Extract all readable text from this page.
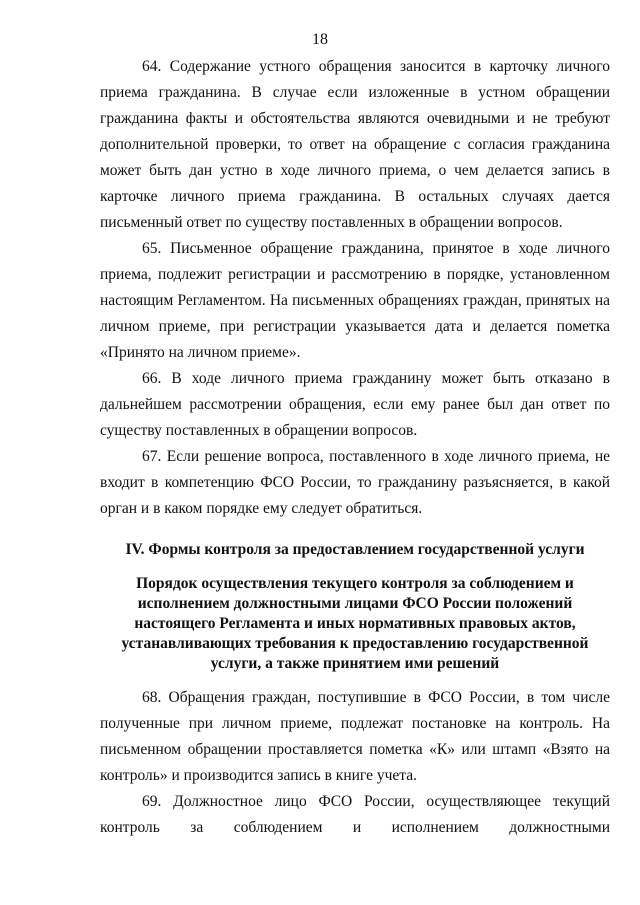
18

64. Содержание устного обращения заносится в карточку личного приема гражданина. В случае если изложенные в устном обращении гражданина факты и обстоятельства являются очевидными и не требуют дополнительной проверки, то ответ на обращение с согласия гражданина может быть дан устно в ходе личного приема, о чем делается запись в карточке личного приема гражданина. В остальных случаях дается письменный ответ по существу поставленных в обращении вопросов.

65. Письменное обращение гражданина, принятое в ходе личного приема, подлежит регистрации и рассмотрению в порядке, установленном настоящим Регламентом. На письменных обращениях граждан, принятых на личном приеме, при регистрации указывается дата и делается пометка «Принято на личном приеме».

66. В ходе личного приема гражданину может быть отказано в дальнейшем рассмотрении обращения, если ему ранее был дан ответ по существу поставленных в обращении вопросов.

67. Если решение вопроса, поставленного в ходе личного приема, не входит в компетенцию ФСО России, то гражданину разъясняется, в какой орган и в каком порядке ему следует обратиться.

IV. Формы контроля за предоставлением государственной услуги
Порядок осуществления текущего контроля за соблюдением и исполнением должностными лицами ФСО России положений настоящего Регламента и иных нормативных правовых актов, устанавливающих требования к предоставлению государственной услуги, а также принятием ими решений

68. Обращения граждан, поступившие в ФСО России, в том числе полученные при личном приеме, подлежат постановке на контроль. На письменном обращении проставляется пометка «К» или штамп «Взято на контроль» и производится запись в книге учета.

69. Должностное лицо ФСО России, осуществляющее текущий контроль за соблюдением и исполнением должностными
